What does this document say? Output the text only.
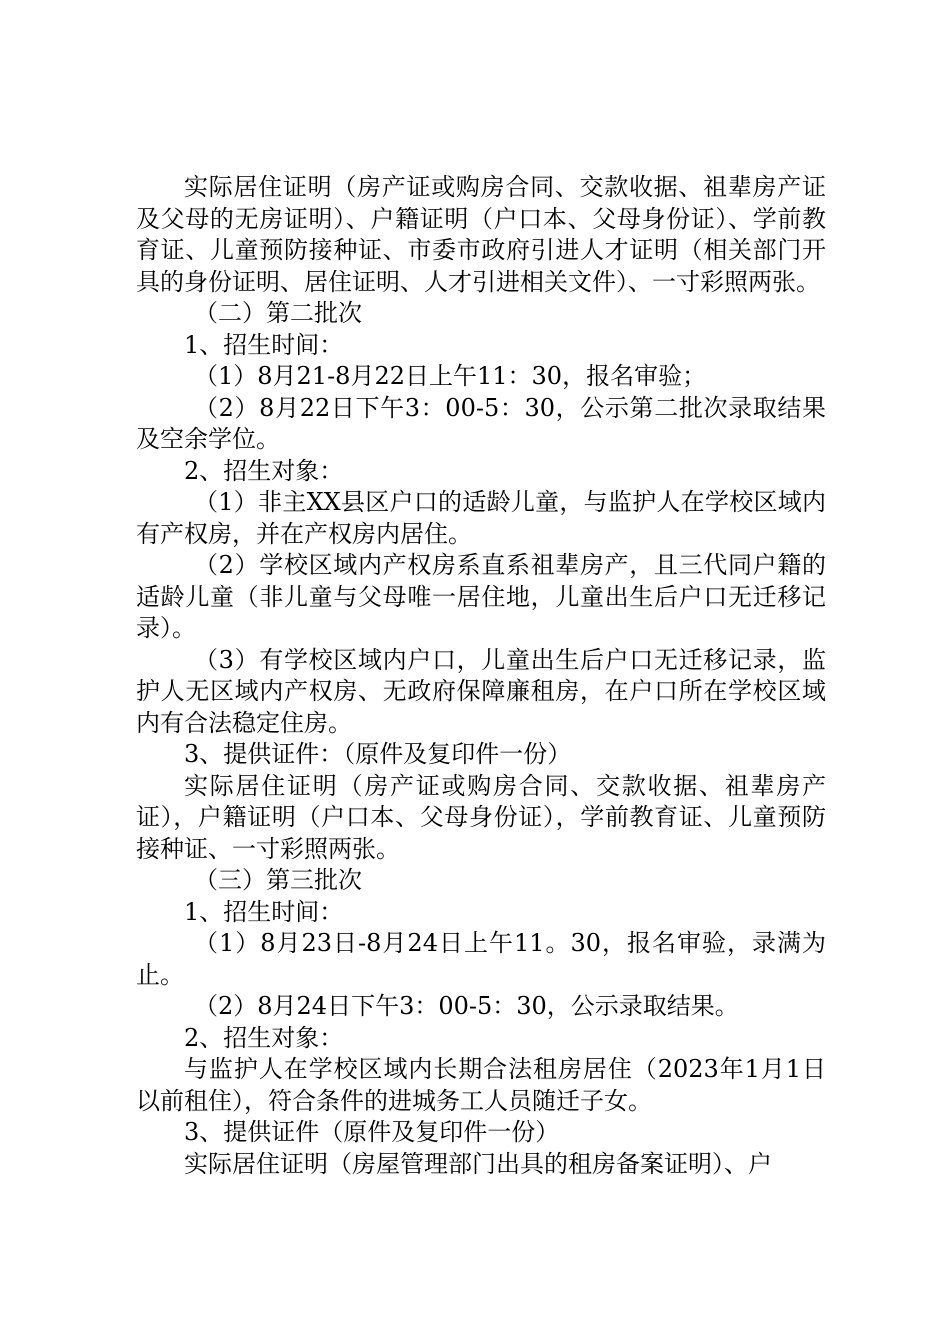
实际居住证明（房产证或购房合同、交款收据、祖辈房产证及父母的无房证明）、户籍证明（户口本、父母身份证）、学前教育证、儿童预防接种证、市委市政府引进人才证明（相关部门开具的身份证明、居住证明、人才引进相关文件）、一寸彩照两张。

（二）第二批次

1、招生时间：

（1）8月21-8月22日上午11：30，报名审验；

（2）8月22日下午3：00-5：30，公示第二批次录取结果及空余学位。

2、招生对象：

（1）非主XX县区户口的适龄儿童，与监护人在学校区域内有产权房，并在产权房内居住。

（2）学校区域内产权房系直系祖辈房产，且三代同户籍的适龄儿童（非儿童与父母唯一居住地，儿童出生后户口无迁移记录）。

（3）有学校区域内户口，儿童出生后户口无迁移记录，监护人无区域内产权房、无政府保障廉租房，在户口所在学校区域内有合法稳定住房。

3、提供证件：（原件及复印件一份）

实际居住证明（房产证或购房合同、交款收据、祖辈房产证），户籍证明（户口本、父母身份证），学前教育证、儿童预防接种证、一寸彩照两张。

（三）第三批次

1、招生时间：

（1）8月23日-8月24日上午11。30，报名审验，录满为止。

（2）8月24日下午3：00-5：30，公示录取结果。

2、招生对象：

与监护人在学校区域内长期合法租房居住（2023年1月1日以前租住），符合条件的进城务工人员随迁子女。

3、提供证件（原件及复印件一份）

实际居住证明（房屋管理部门出具的租房备案证明）、户
